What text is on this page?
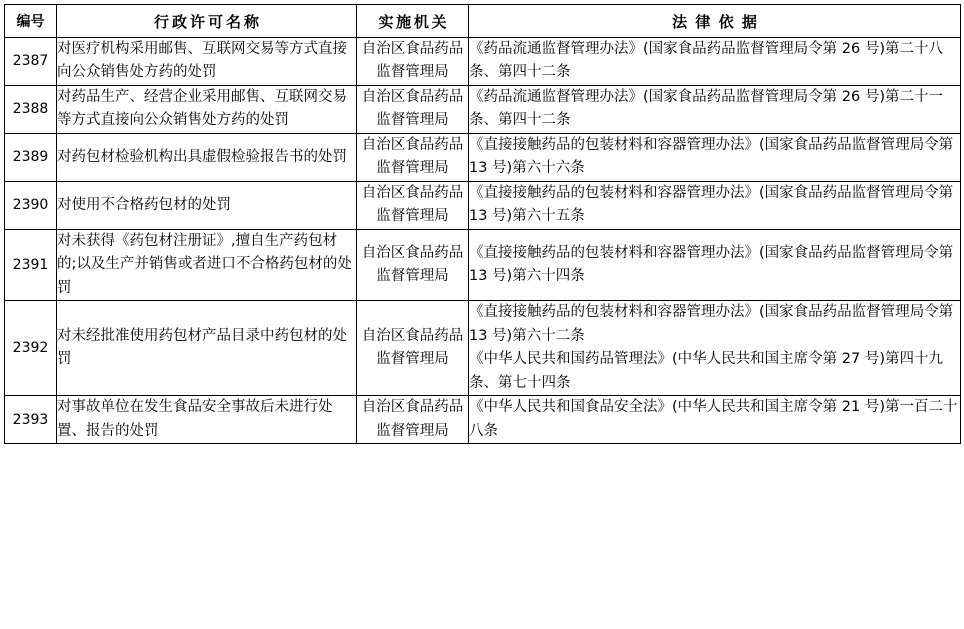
编号	行政许可名称	实施机关	法律依据
2387	对医疗机构采用邮售、互联网交易等方式直接向公众销售处方药的处罚	自治区食品药品监督管理局	《药品流通监督管理办法》(国家食品药品监督管理局令第 26 号)第二十八条、第四十二条

2388	对药品生产、经营企业采用邮售、互联网交易等方式直接向公众销售处方药的处罚	自治区食品药品监督管理局	《药品流通监督管理办法》(国家食品药品监督管理局令第 26 号)第二十一条、第四十二条

2389	对药包材检验机构出具虚假检验报告书的处罚	自治区食品药品监督管理局	《直接接触药品的包装材料和容器管理办法》(国家食品药品监督管理局令第 13 号)第六十六条

2390	对使用不合格药包材的处罚	自治区食品药品监督管理局	《直接接触药品的包装材料和容器管理办法》(国家食品药品监督管理局令第 13 号)第六十五条

2391	对未获得《药包材注册证》,擅自生产药包材的;以及生产并销售或者进口不合格药包材的处罚	自治区食品药品监督管理局	《直接接触药品的包装材料和容器管理办法》(国家食品药品监督管理局令第 13 号)第六十四条

2392	对未经批准使用药包材产品目录中药包材的处罚	自治区食品药品监督管理局	《直接接触药品的包装材料和容器管理办法》(国家食品药品监督管理局令第 13 号)第六十二条
《中华人民共和国药品管理法》(中华人民共和国主席令第 27 号)第四十九条、第七十四条

2393	对事故单位在发生食品安全事故后未进行处置、报告的处罚	自治区食品药品监督管理局	《中华人民共和国食品安全法》(中华人民共和国主席令第 21 号)第一百二十八条
